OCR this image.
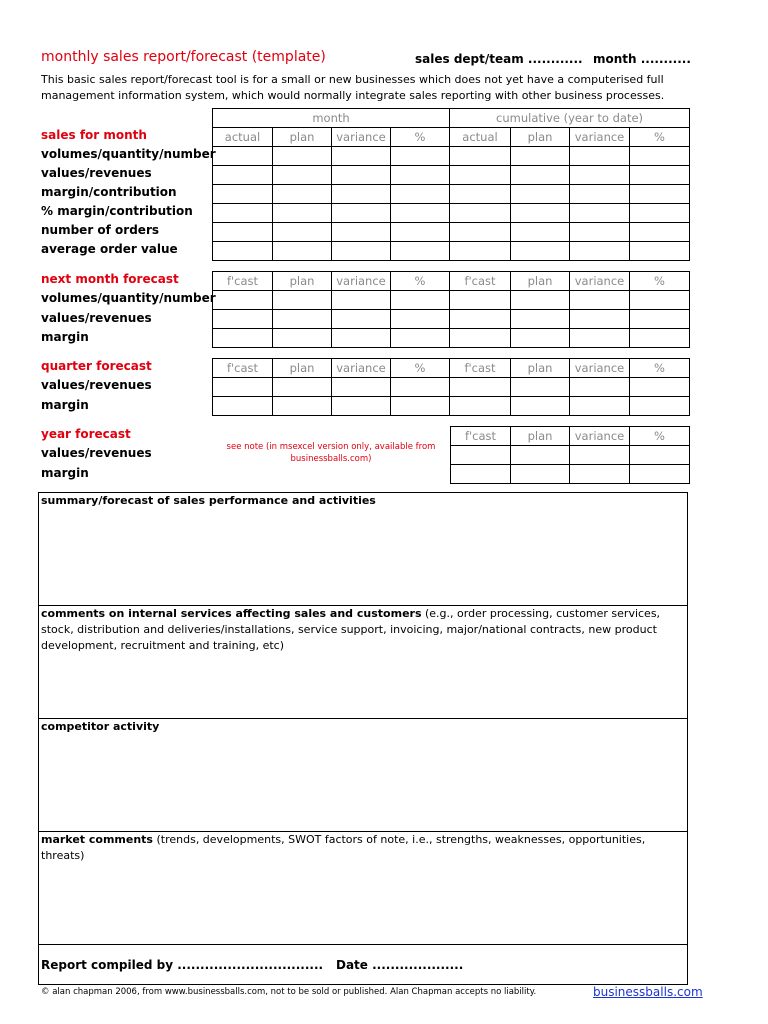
monthly sales report/forecast (template)	sales dept/team ............ month ...........
This basic sales report/forecast tool is for a small or new businesses which does not yet have a computerised full management information system, which would normally integrate sales reporting with other business processes.
sales for month
volumes/quantity/number
values/revenues
margin/contribution
% margin/contribution
number of orders
average order value
month				cumulative (year to date)			
actual	plan	variance	%	actual	plan	variance	%

next month forecast
volumes/quantity/number
values/revenues
margin
f'cast	plan	variance	%	f'cast	plan	variance	%

quarter forecast
values/revenues
margin
f'cast	plan	variance	%	f'cast	plan	variance	%

year forecast
values/revenues
margin
see note (in msexcel version only, available from businessballs.com)
f'cast	plan	variance	%

summary/forecast of sales performance and activities
comments on internal services affecting sales and customers (e.g., order processing, customer services, stock, distribution and deliveries/installations, service support, invoicing, major/national contracts, new product development, recruitment and training, etc)
competitor activity
market comments (trends, developments, SWOT factors of note, i.e., strengths, weaknesses, opportunities, threats)
Report compiled by ................................ Date ....................
© alan chapman 2006, from www.businessballs.com, not to be sold or published. Alan Chapman accepts no liability.	businessballs.com
